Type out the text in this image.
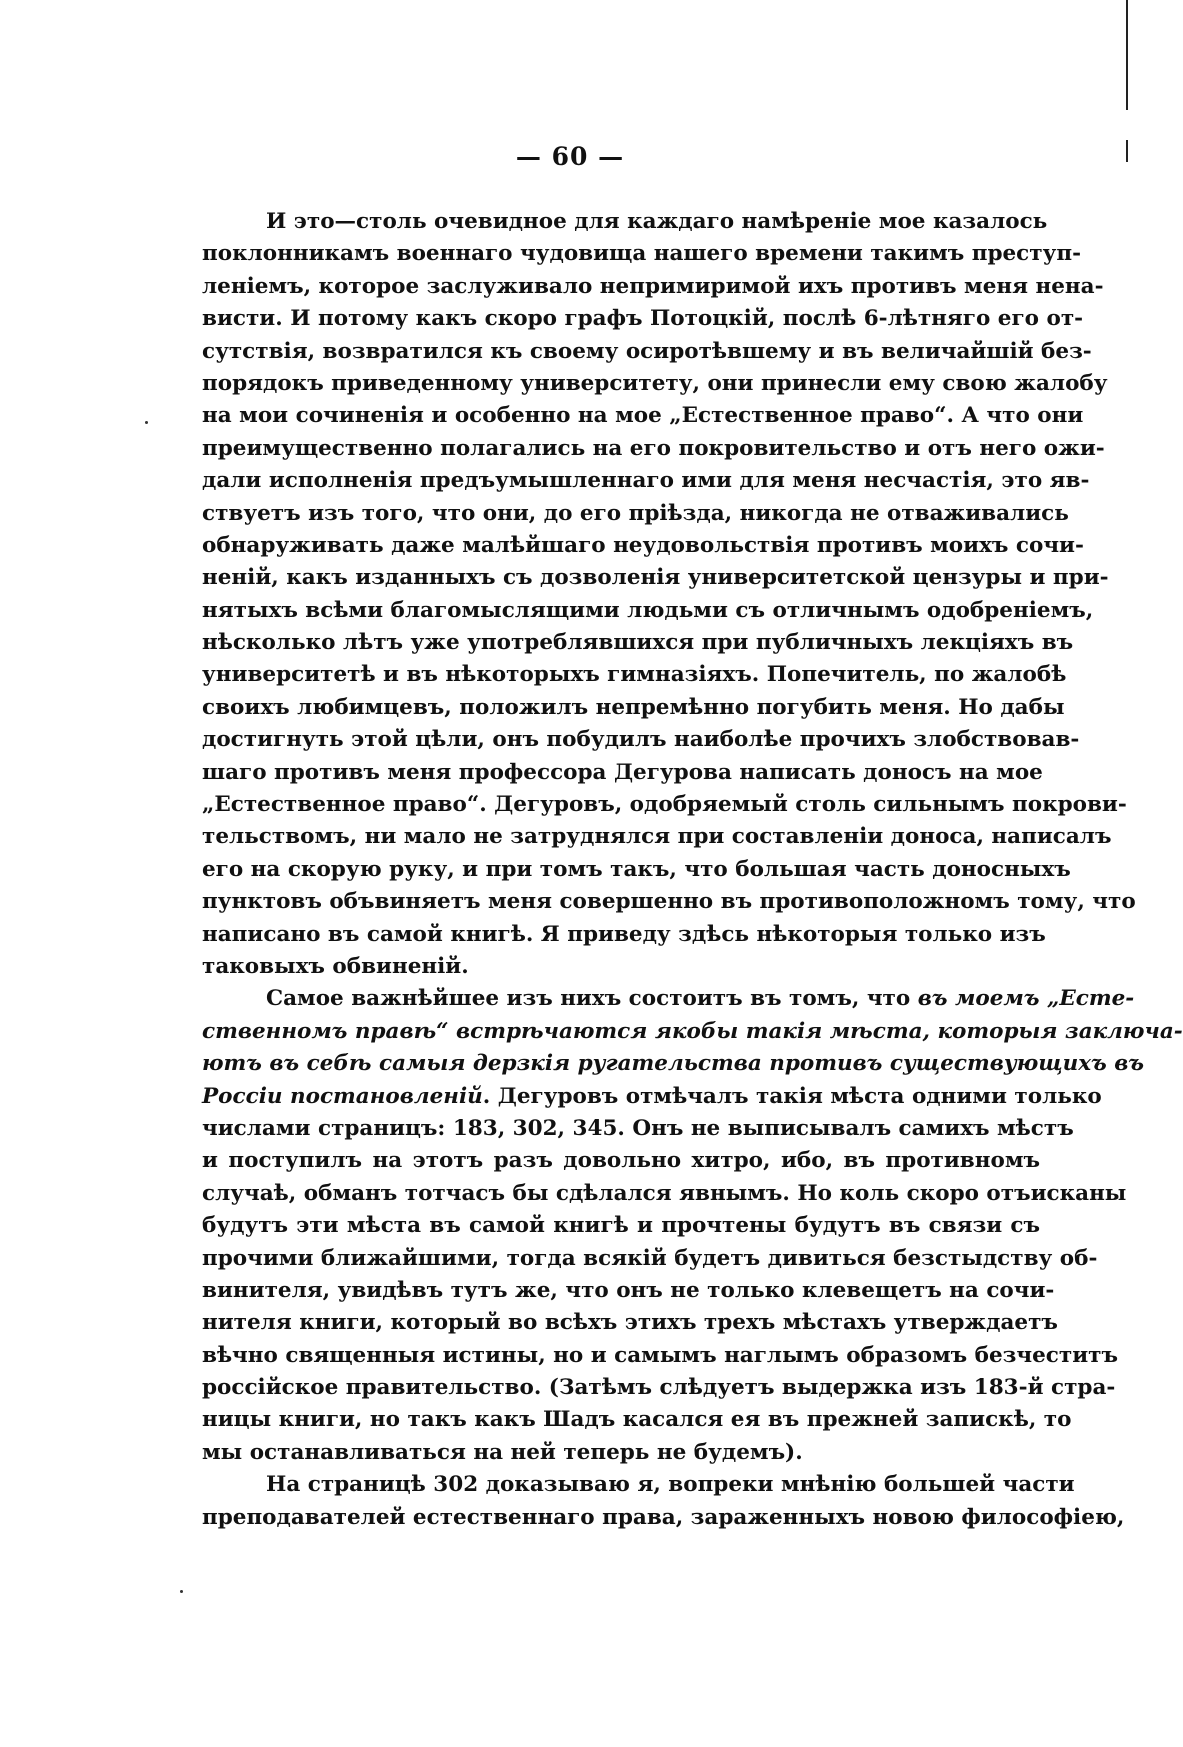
— 60 —
И это—столь очевидное для каждаго намѣреніе мое казалось
поклонникамъ военнаго чудовища нашего времени такимъ преступ-
леніемъ, которое заслуживало непримиримой ихъ противъ меня нена-
висти. И потому какъ скоро графъ Потоцкій, послѣ 6-лѣтняго его от-
сутствія, возвратился къ своему осиротѣвшему и въ величайшій без-
порядокъ приведенному университету, они принесли ему свою жалобу
на мои сочиненія и особенно на мое „Естественное право“. А что они
преимущественно полагались на его покровительство и отъ него ожи-
дали исполненія предъумышленнаго ими для меня несчастія, это яв-
ствуетъ изъ того, что они, до его пріѣзда, никогда не отваживались
обнаруживать даже малѣйшаго неудовольствія противъ моихъ сочи-
неній, какъ изданныхъ съ дозволенія университетской цензуры и при-
нятыхъ всѣми благомыслящими людьми съ отличнымъ одобреніемъ,
нѣсколько лѣтъ уже употреблявшихся при публичныхъ лекціяхъ въ
университетѣ и въ нѣкоторыхъ гимназіяхъ. Попечитель, по жалобѣ
своихъ любимцевъ, положилъ непремѣнно погубить меня. Но дабы
достигнуть этой цѣли, онъ побудилъ наиболѣе прочихъ злобствовав-
шаго противъ меня профессора Дегурова написать доносъ на мое
„Естественное право“. Дегуровъ, одобряемый столь сильнымъ покрови-
тельствомъ, ни мало не затруднялся при составленіи доноса, написалъ
его на скорую руку, и при томъ такъ, что большая часть доносныхъ
пунктовъ объвиняетъ меня совершенно въ противоположномъ тому, что
написано въ самой книгѣ. Я приведу здѣсь нѣкоторыя только изъ
таковыхъ обвиненій.
Самое важнѣйшее изъ нихъ состоитъ въ томъ, что въ моемъ „Есте-
ственномъ правѣ“ встрѣчаются якобы такія мѣста, которыя заключа-
ютъ въ себѣ самыя дерзкія ругательства противъ существующихъ въ
Россіи постановленій. Дегуровъ отмѣчалъ такія мѣста одними только
числами страницъ: 183, 302, 345. Онъ не выписывалъ самихъ мѣстъ
и поступилъ на этотъ разъ довольно хитро, ибо, въ противномъ
случаѣ, обманъ тотчасъ бы сдѣлался явнымъ. Но коль скоро отъисканы
будутъ эти мѣста въ самой книгѣ и прочтены будутъ въ связи съ
прочими ближайшими, тогда всякій будетъ дивиться безстыдству об-
винителя, увидѣвъ тутъ же, что онъ не только клевещетъ на сочи-
нителя книги, который во всѣхъ этихъ трехъ мѣстахъ утверждаетъ
вѣчно священныя истины, но и самымъ наглымъ образомъ безчеститъ
россійское правительство. (Затѣмъ слѣдуетъ выдержка изъ 183-й стра-
ницы книги, но такъ какъ Шадъ касался ея въ прежней запискѣ, то
мы останавливаться на ней теперь не будемъ).
На страницѣ 302 доказываю я, вопреки мнѣнію большей части
преподавателей естественнаго права, зараженныхъ новою философіею,
